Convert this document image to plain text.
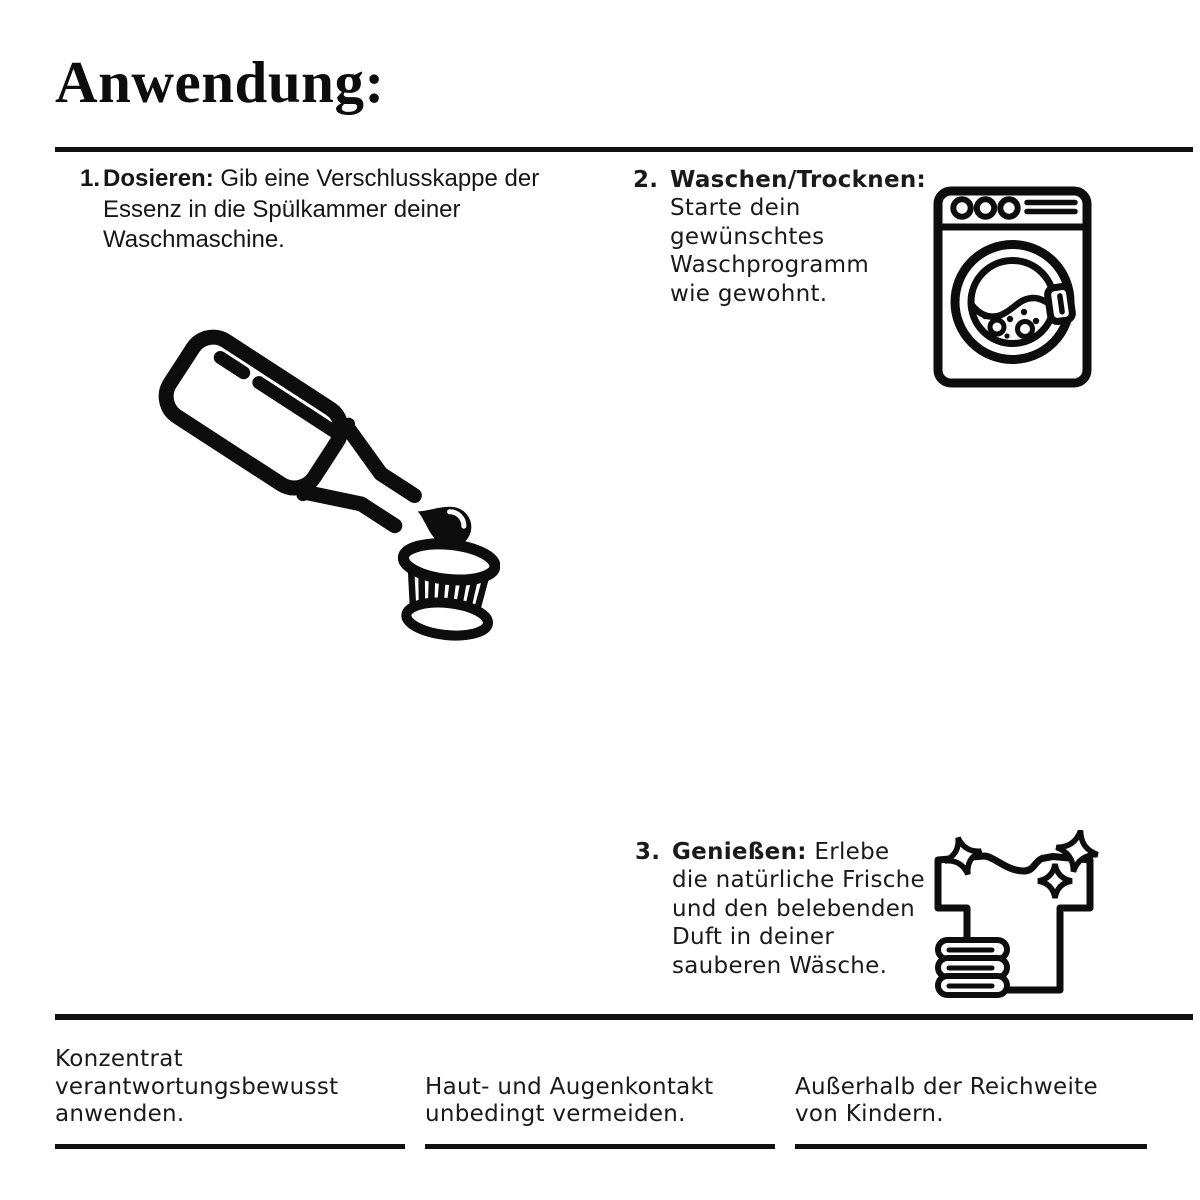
Anwendung:
1. Dosieren: Gib eine Verschlusskappe der Essenz in die Spülkammer deiner Waschmaschine.
2. Waschen/Trocknen: Starte dein gewünschtes Waschprogramm wie gewohnt.
3. Genießen: Erlebe die natürliche Frische und den belebenden Duft in deiner sauberen Wäsche.
Konzentrat verantwortungsbewusst anwenden.
Haut- und Augenkontakt unbedingt vermeiden.
Außerhalb der Reichweite von Kindern.
